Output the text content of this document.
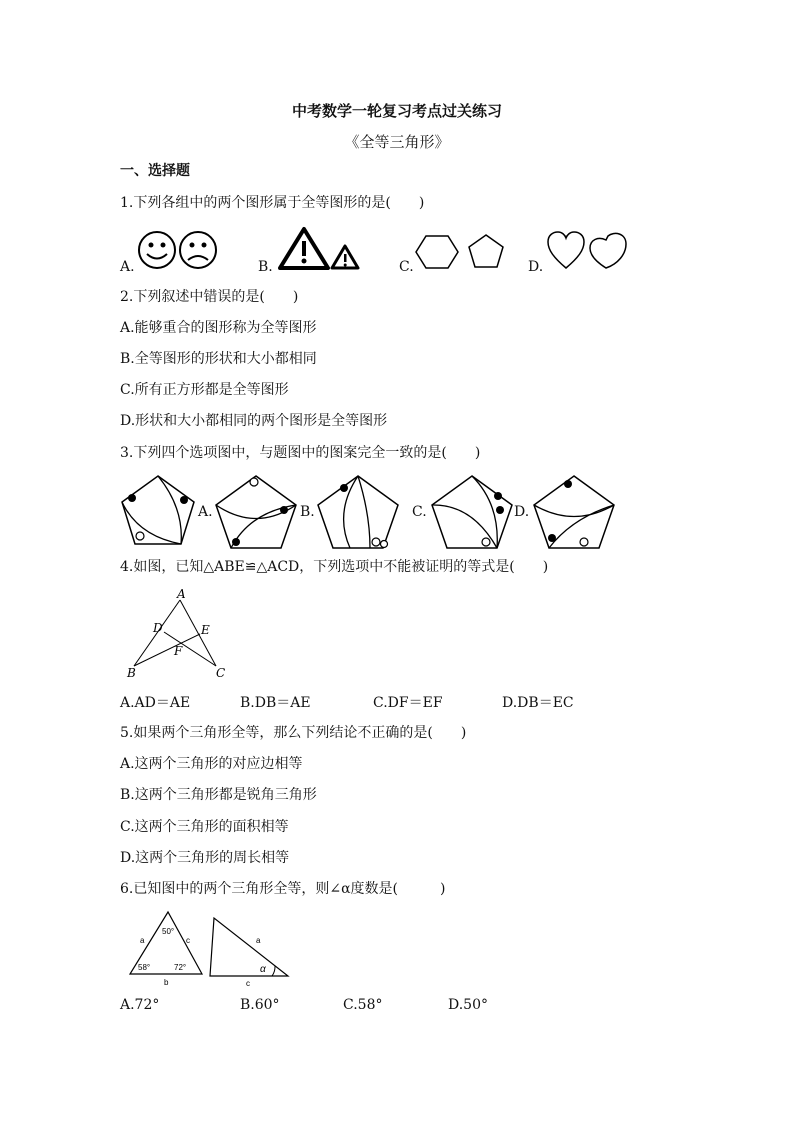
中考数学一轮复习考点过关练习
《全等三角形》
一、选择题
1.下列各组中的两个图形属于全等图形的是(　　)
A.	B.	C.	D.
2.下列叙述中错误的是(　　)
A.能够重合的图形称为全等图形
B.全等图形的形状和大小都相同
C.所有正方形都是全等图形
D.形状和大小都相同的两个图形是全等图形
3.下列四个选项图中，与题图中的图案完全一致的是(　　)
A.	B.	C.	D.
4.如图，已知△ABE≌△ACD，下列选项中不能被证明的等式是(　　)
A
D	E
F
B	C
A.AD＝AE	B.DB＝AE	C.DF＝EF	D.DB＝EC
5.如果两个三角形全等，那么下列结论不正确的是(　　)
A.这两个三角形的对应边相等
B.这两个三角形都是锐角三角形
C.这两个三角形的面积相等
D.这两个三角形的周长相等
6.已知图中的两个三角形全等，则∠α度数是(　　　)
50°
58°	72°
a	c
b
a
α
c
A.72°	B.60°	C.58°	D.50°
